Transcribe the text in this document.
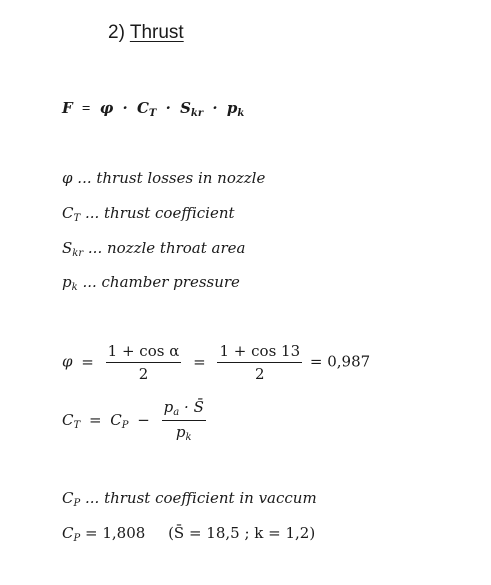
2) Thrust
$F = \varphi \cdot C_T \cdot S_{kr} \cdot p_k$
φ ... thrust losses in nozzle
$C_T$ ... thrust coefficient
$S_{kr}$ ... nozzle throat area
$p_k$ ... chamber pressure
$\varphi = \frac{\text{1 + cos α}}{2} = \frac{1 + \cos 13}{2} = 0,987$
$C_T = C_P - \frac{p_a \cdot S̄}{p_k}$
$C_P$ ... thrust coefficient in vaccum
$C_P = 1,808$ (S̄ = 18,5 ; k = 1,2)
